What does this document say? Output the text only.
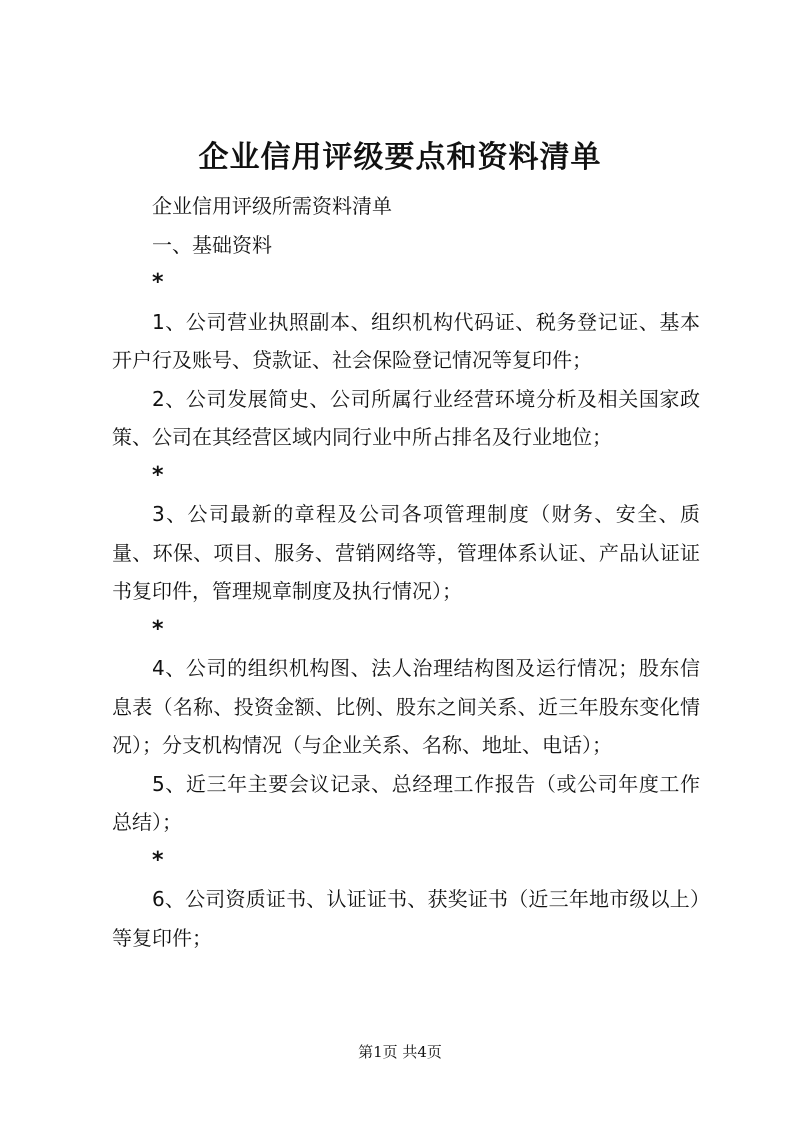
企业信用评级要点和资料清单

企业信用评级所需资料清单

一、基础资料

*

1、公司营业执照副本、组织机构代码证、税务登记证、基本开户行及账号、贷款证、社会保险登记情况等复印件；

2、公司发展简史、公司所属行业经营环境分析及相关国家政策、公司在其经营区域内同行业中所占排名及行业地位；

*

3、公司最新的章程及公司各项管理制度（财务、安全、质量、环保、项目、服务、营销网络等，管理体系认证、产品认证证书复印件，管理规章制度及执行情况）；

*

4、公司的组织机构图、法人治理结构图及运行情况；股东信息表（名称、投资金额、比例、股东之间关系、近三年股东变化情况）；分支机构情况（与企业关系、名称、地址、电话）；

5、近三年主要会议记录、总经理工作报告（或公司年度工作总结）；

*

6、公司资质证书、认证证书、获奖证书（近三年地市级以上）等复印件；

第1页 共4页
